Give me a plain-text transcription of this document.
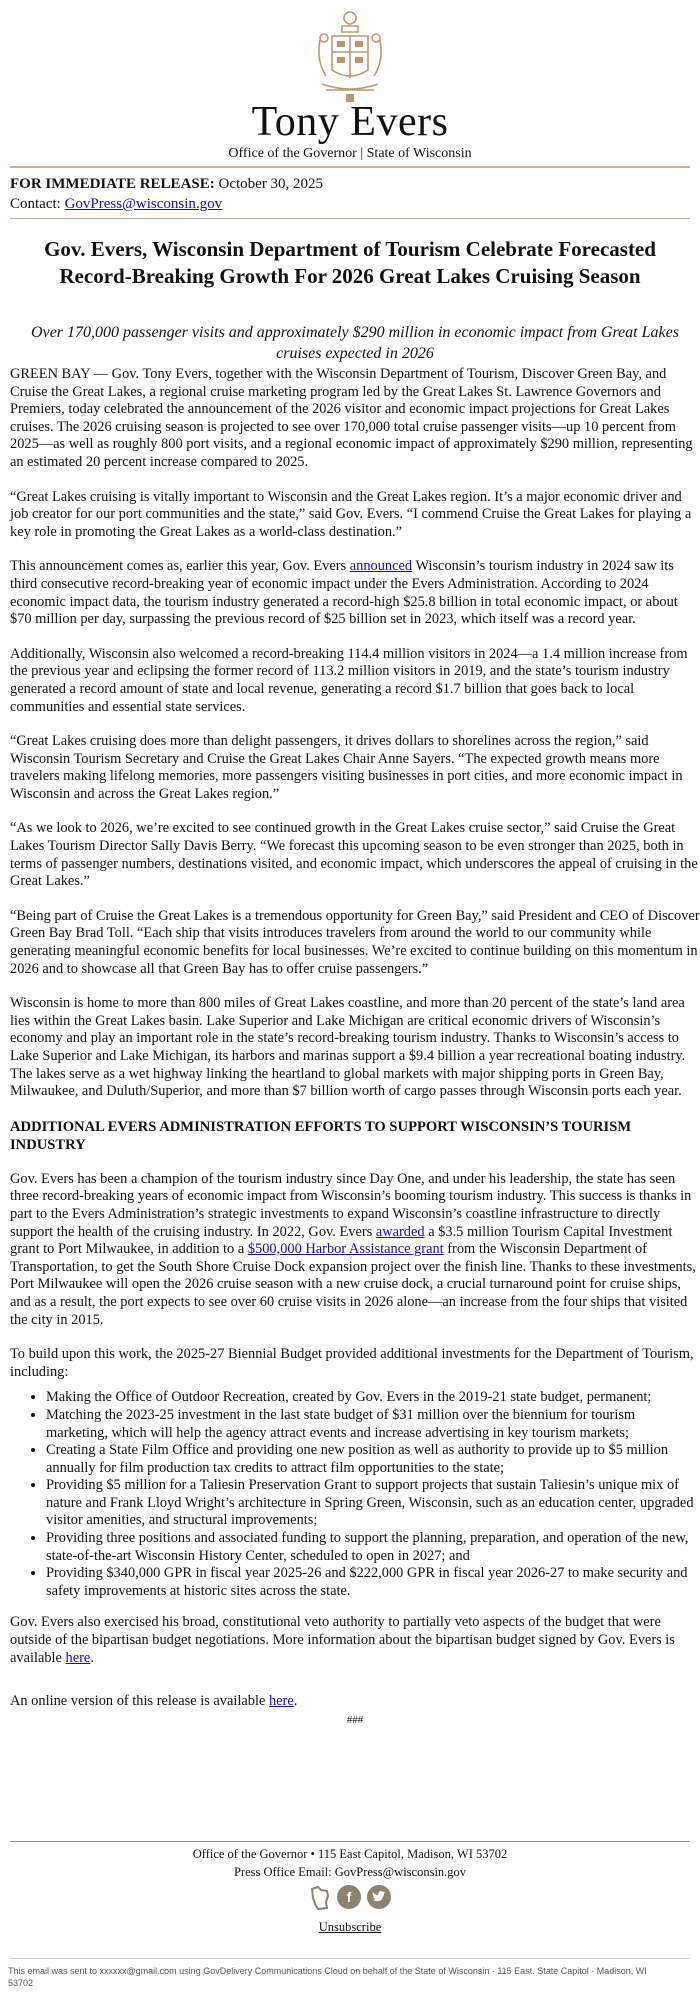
Tony Evers
Office of the Governor | State of Wisconsin
FOR IMMEDIATE RELEASE: October 30, 2025
Contact: GovPress@wisconsin.gov
Gov. Evers, Wisconsin Department of Tourism Celebrate Forecasted Record-Breaking Growth For 2026 Great Lakes Cruising Season
Over 170,000 passenger visits and approximately $290 million in economic impact from Great Lakes cruises expected in 2026

GREEN BAY — Gov. Tony Evers, together with the Wisconsin Department of Tourism, Discover Green Bay, and Cruise the Great Lakes, a regional cruise marketing program led by the Great Lakes St. Lawrence Governors and Premiers, today celebrated the announcement of the 2026 visitor and economic impact projections for Great Lakes cruises. The 2026 cruising season is projected to see over 170,000 total cruise passenger visits—up 10 percent from 2025—as well as roughly 800 port visits, and a regional economic impact of approximately $290 million, representing an estimated 20 percent increase compared to 2025.

“Great Lakes cruising is vitally important to Wisconsin and the Great Lakes region. It’s a major economic driver and job creator for our port communities and the state,” said Gov. Evers. “I commend Cruise the Great Lakes for playing a key role in promoting the Great Lakes as a world-class destination.”

This announcement comes as, earlier this year, Gov. Evers announced Wisconsin’s tourism industry in 2024 saw its third consecutive record-breaking year of economic impact under the Evers Administration. According to 2024 economic impact data, the tourism industry generated a record-high $25.8 billion in total economic impact, or about $70 million per day, surpassing the previous record of $25 billion set in 2023, which itself was a record year.

Additionally, Wisconsin also welcomed a record-breaking 114.4 million visitors in 2024—a 1.4 million increase from the previous year and eclipsing the former record of 113.2 million visitors in 2019, and the state’s tourism industry generated a record amount of state and local revenue, generating a record $1.7 billion that goes back to local communities and essential state services.

“Great Lakes cruising does more than delight passengers, it drives dollars to shorelines across the region,” said Wisconsin Tourism Secretary and Cruise the Great Lakes Chair Anne Sayers. “The expected growth means more travelers making lifelong memories, more passengers visiting businesses in port cities, and more economic impact in Wisconsin and across the Great Lakes region.”

“As we look to 2026, we’re excited to see continued growth in the Great Lakes cruise sector,” said Cruise the Great Lakes Tourism Director Sally Davis Berry. “We forecast this upcoming season to be even stronger than 2025, both in terms of passenger numbers, destinations visited, and economic impact, which underscores the appeal of cruising in the Great Lakes.”

“Being part of Cruise the Great Lakes is a tremendous opportunity for Green Bay,” said President and CEO of Discover Green Bay Brad Toll. “Each ship that visits introduces travelers from around the world to our community while generating meaningful economic benefits for local businesses. We’re excited to continue building on this momentum in 2026 and to showcase all that Green Bay has to offer cruise passengers.”

Wisconsin is home to more than 800 miles of Great Lakes coastline, and more than 20 percent of the state’s land area lies within the Great Lakes basin. Lake Superior and Lake Michigan are critical economic drivers of Wisconsin’s economy and play an important role in the state’s record-breaking tourism industry. Thanks to Wisconsin’s access to Lake Superior and Lake Michigan, its harbors and marinas support a $9.4 billion a year recreational boating industry. The lakes serve as a wet highway linking the heartland to global markets with major shipping ports in Green Bay, Milwaukee, and Duluth/Superior, and more than $7 billion worth of cargo passes through Wisconsin ports each year.

ADDITIONAL EVERS ADMINISTRATION EFFORTS TO SUPPORT WISCONSIN’S TOURISM INDUSTRY

Gov. Evers has been a champion of the tourism industry since Day One, and under his leadership, the state has seen three record-breaking years of economic impact from Wisconsin’s booming tourism industry. This success is thanks in part to the Evers Administration’s strategic investments to expand Wisconsin’s coastline infrastructure to directly support the health of the cruising industry. In 2022, Gov. Evers awarded a $3.5 million Tourism Capital Investment grant to Port Milwaukee, in addition to a $500,000 Harbor Assistance grant from the Wisconsin Department of Transportation, to get the South Shore Cruise Dock expansion project over the finish line. Thanks to these investments, Port Milwaukee will open the 2026 cruise season with a new cruise dock, a crucial turnaround point for cruise ships, and as a result, the port expects to see over 60 cruise visits in 2026 alone—an increase from the four ships that visited the city in 2015.

To build upon this work, the 2025-27 Biennial Budget provided additional investments for the Department of Tourism, including:

• Making the Office of Outdoor Recreation, created by Gov. Evers in the 2019-21 state budget, permanent;
• Matching the 2023-25 investment in the last state budget of $31 million over the biennium for tourism marketing, which will help the agency attract events and increase advertising in key tourism markets;
• Creating a State Film Office and providing one new position as well as authority to provide up to $5 million annually for film production tax credits to attract film opportunities to the state;
• Providing $5 million for a Taliesin Preservation Grant to support projects that sustain Taliesin’s unique mix of nature and Frank Lloyd Wright’s architecture in Spring Green, Wisconsin, such as an education center, upgraded visitor amenities, and structural improvements;
• Providing three positions and associated funding to support the planning, preparation, and operation of the new, state-of-the-art Wisconsin History Center, scheduled to open in 2027; and
• Providing $340,000 GPR in fiscal year 2025-26 and $222,000 GPR in fiscal year 2026-27 to make security and safety improvements at historic sites across the state.

Gov. Evers also exercised his broad, constitutional veto authority to partially veto aspects of the budget that were outside of the bipartisan budget negotiations. More information about the bipartisan budget signed by Gov. Evers is available here.

An online version of this release is available here.

###
Office of the Governor • 115 East Capitol, Madison, WI 53702
Press Office Email: GovPress@wisconsin.gov
f
Unsubscribe
This email was sent to xxxxxx@gmail.com using GovDelivery Communications Cloud on behalf of the State of Wisconsin · 115 East. State Capitol · Madison, WI 53702
